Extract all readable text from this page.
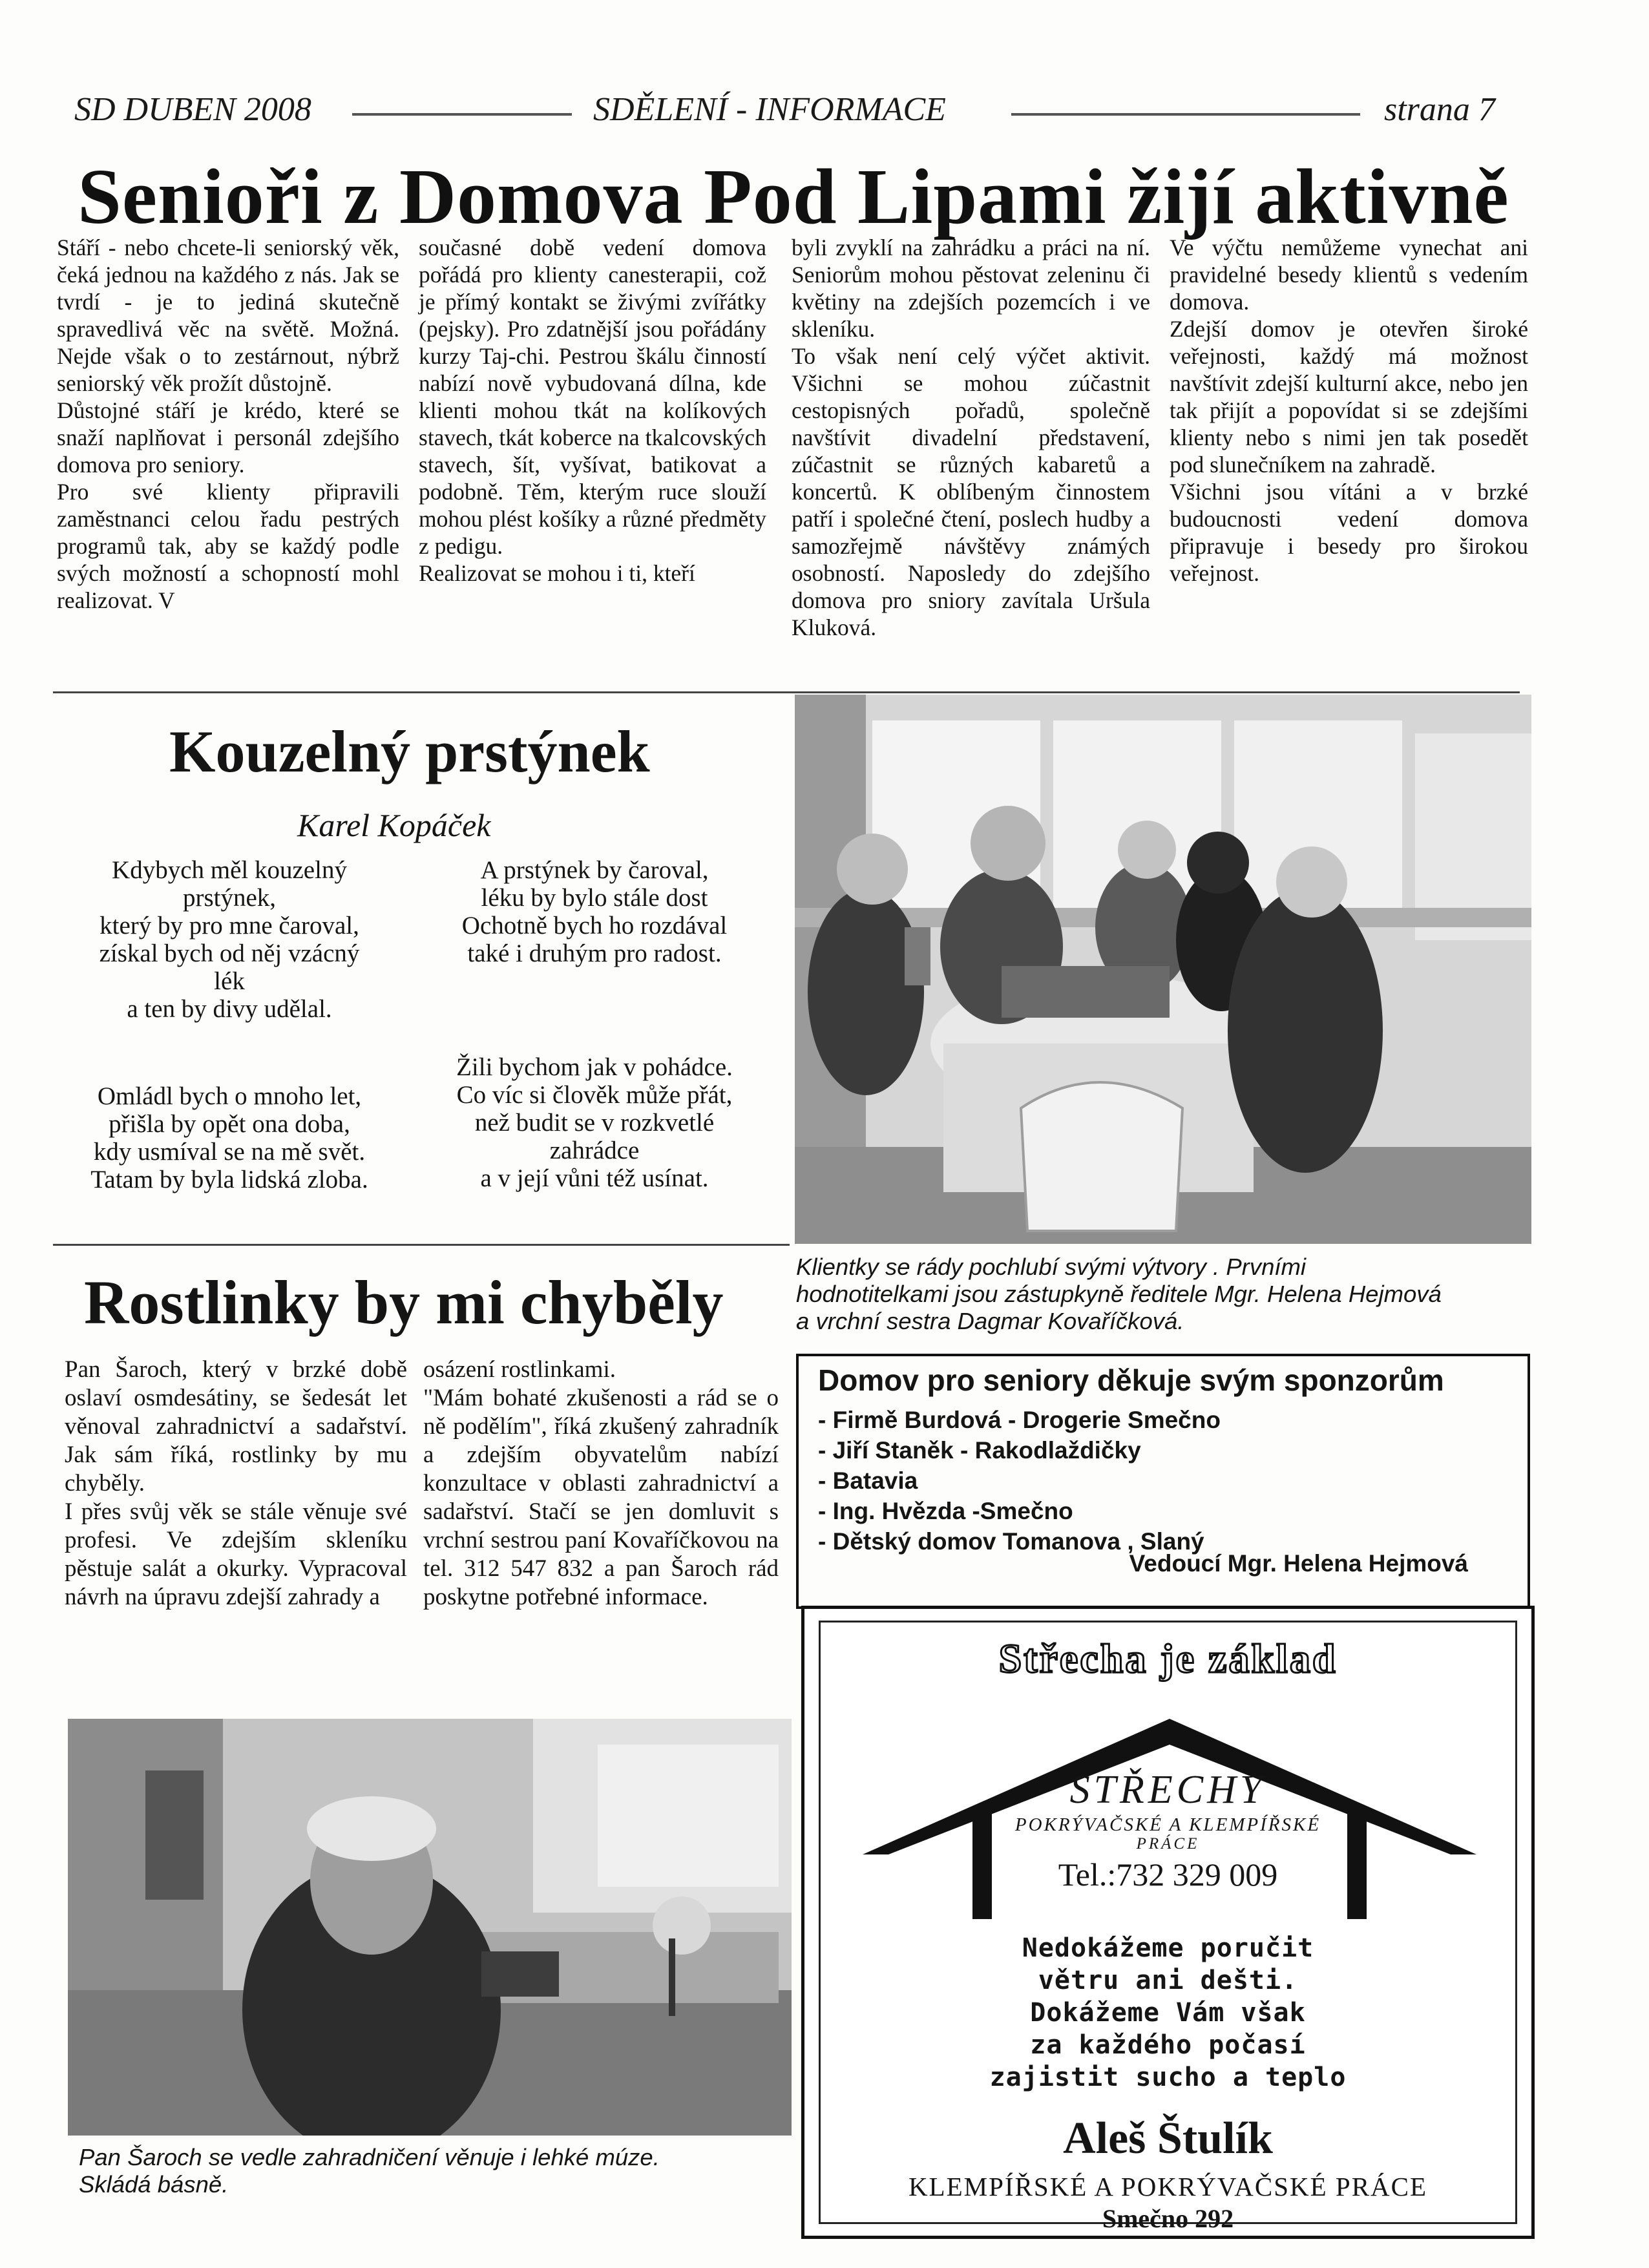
SD DUBEN 2008	SDĚLENÍ - INFORMACE	strana 7
Senioři z Domova Pod Lipami žijí aktivně

Stáří - nebo chcete-li seniorský věk, čeká jednou na každého z nás. Jak se tvrdí - je to jediná skutečně spravedlivá věc na světě. Možná. Nejde však o to zestárnout, nýbrž seniorský věk prožít důstojně.

Důstojné stáří je krédo, které se snaží naplňovat i personál zdejšího domova pro seniory.

Pro své klienty připravili zaměstnanci celou řadu pestrých programů tak, aby se každý podle svých možností a schopností mohl realizovat. V

současné době vedení domova pořádá pro klienty canesterapii, což je přímý kontakt se živými zvířátky (pejsky). Pro zdatnější jsou pořádány kurzy Taj-chi. Pestrou škálu činností nabízí nově vybudovaná dílna, kde klienti mohou tkát na kolíkových stavech, tkát koberce na tkalcovských stavech, šít, vyšívat, batikovat a podobně. Těm, kterým ruce slouží mohou plést košíky a různé předměty z pedigu.

Realizovat se mohou i ti, kteří

byli zvyklí na zahrádku a práci na ní. Seniorům mohou pěstovat zeleninu či květiny na zdejších pozemcích i ve skleníku.

To však není celý výčet aktivit. Všichni se mohou zúčastnit cestopisných pořadů, společně navštívit divadelní představení, zúčastnit se různých kabaretů a koncertů. K oblíbeným činnostem patří i společné čtení, poslech hudby a samozřejmě návštěvy známých osobností. Naposledy do zdejšího domova pro sniory zavítala Uršula Kluková.

Ve výčtu nemůžeme vynechat ani pravidelné besedy klientů s vedením domova.

Zdejší domov je otevřen široké veřejnosti, každý má možnost navštívit zdejší kulturní akce, nebo jen tak přijít a popovídat si se zdejšími klienty nebo s nimi jen tak posedět pod slunečníkem na zahradě.

Všichni jsou vítáni a v brzké budoucnosti vedení domova připravuje i besedy pro širokou veřejnost.

Kouzelný prstýnek
Karel Kopáček

Kdybych měl kouzelný

prstýnek,

který by pro mne čaroval,

získal bych od něj vzácný

lék

a ten by divy udělal.

A prstýnek by čaroval,

léku by bylo stále dost

Ochotně bych ho rozdával

také i druhým pro radost.

Omládl bych o mnoho let,

přišla by opět ona doba,

kdy usmíval se na mě svět.

Tatam by byla lidská zloba.

Žili bychom jak v pohádce.

Co víc si člověk může přát,

než budit se v rozkvetlé

zahrádce

a v její vůni též usínat.

Klientky se rády pochlubí svými výtvory . Prvními
hodnotitelkami jsou zástupkyně ředitele Mgr. Helena Hejmová
a vrchní sestra Dagmar Kovaříčková.
Rostlinky by mi chyběly

Pan Šaroch, který v brzké době oslaví osmdesátiny, se šedesát let věnoval zahradnictví a sadařství. Jak sám říká, rostlinky by mu chyběly.

I přes svůj věk se stále věnuje své profesi. Ve zdejším skleníku pěstuje salát a okurky. Vypracoval návrh na úpravu zdejší zahrady a

osázení rostlinkami.

"Mám bohaté zkušenosti a rád se o ně podělím", říká zkušený zahradník a zdejším obyvatelům nabízí konzultace v oblasti zahradnictví a sadařství. Stačí se jen domluvit s vrchní sestrou paní Kovaříčkovou na tel. 312 547 832 a pan Šaroch rád poskytne potřebné informace.

Pan Šaroch se vedle zahradničení věnuje i lehké múze.
Skládá básně.
Domov pro seniory děkuje svým sponzorům
- Firmě Burdová - Drogerie Smečno
- Jiří Staněk - Rakodlaždičky
- Batavia
- Ing. Hvězda -Smečno
- Dětský domov Tomanova , Slaný
Vedoucí Mgr. Helena Hejmová
Střecha je základ
STŘECHY
POKRÝVAČSKÉ A KLEMPÍŘSKÉ
PRÁCE
Tel.:732 329 009
Nedokážeme poručit
větru ani dešti.
Dokážeme Vám však
za každého počasí
zajistit sucho a teplo
Aleš Štulík
KLEMPÍŘSKÉ A POKRÝVAČSKÉ PRÁCE
Smečno 292
